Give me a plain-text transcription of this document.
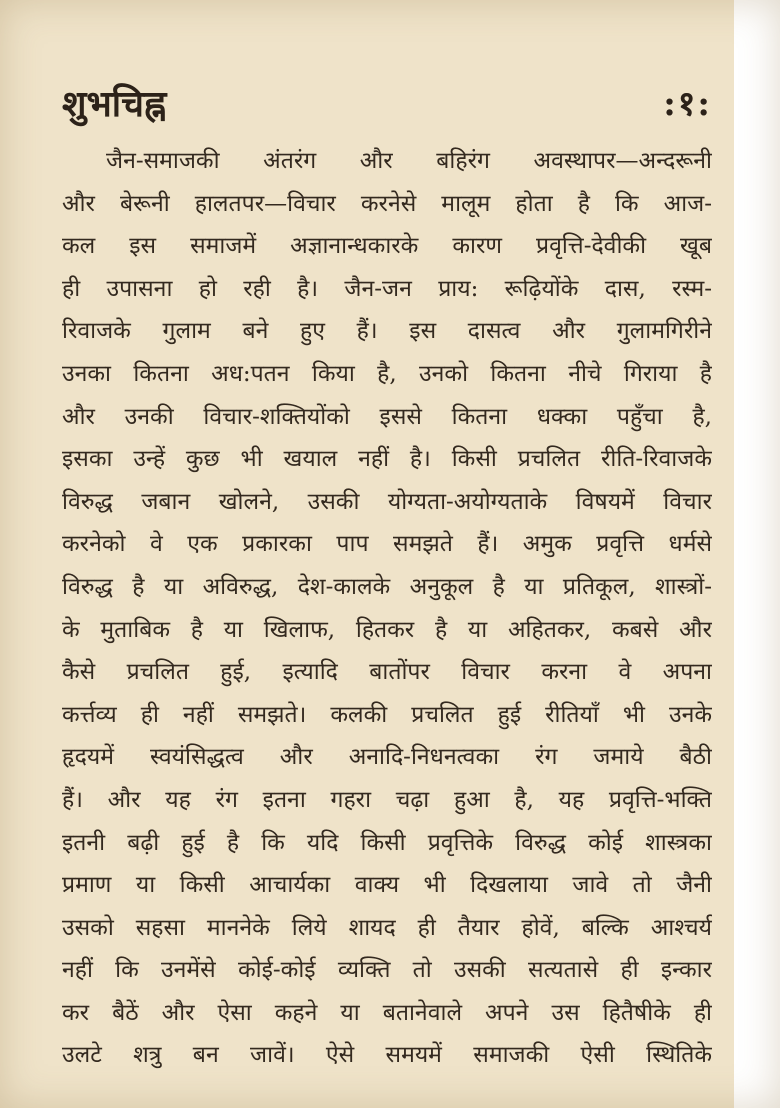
शुभचिह्न	:१:
जैन-समाजकी अंतरंग और बहिरंग अवस्थापर—अन्दरूनी
और बेरूनी हालतपर—विचार करनेसे मालूम होता है कि आज-
कल इस समाजमें अज्ञानान्धकारके कारण प्रवृत्ति-देवीकी खूब
ही उपासना हो रही है। जैन-जन प्राय: रूढ़ियोंके दास, रस्म-
रिवाजके गुलाम बने हुए हैं। इस दासत्व और गुलामगिरीने
उनका कितना अध:पतन किया है, उनको कितना नीचे गिराया है
और उनकी विचार-शक्तियोंको इससे कितना धक्का पहुँचा है,
इसका उन्हें कुछ भी खयाल नहीं है। किसी प्रचलित रीति-रिवाजके
विरुद्ध जबान खोलने, उसकी योग्यता-अयोग्यताके विषयमें विचार
करनेको वे एक प्रकारका पाप समझते हैं। अमुक प्रवृत्ति धर्मसे
विरुद्ध है या अविरुद्ध, देश-कालके अनुकूल है या प्रतिकूल, शास्त्रों-
के मुताबिक है या खिलाफ, हितकर है या अहितकर, कबसे और
कैसे प्रचलित हुई, इत्यादि बातोंपर विचार करना वे अपना
कर्त्तव्य ही नहीं समझते। कलकी प्रचलित हुई रीतियाँ भी उनके
हृदयमें स्वयंसिद्धत्व और अनादि-निधनत्वका रंग जमाये बैठी
हैं। और यह रंग इतना गहरा चढ़ा हुआ है, यह प्रवृत्ति-भक्ति
इतनी बढ़ी हुई है कि यदि किसी प्रवृत्तिके विरुद्ध कोई शास्त्रका
प्रमाण या किसी आचार्यका वाक्य भी दिखलाया जावे तो जैनी
उसको सहसा माननेके लिये शायद ही तैयार होवें, बल्कि आश्चर्य
नहीं कि उनमेंसे कोई-कोई व्यक्ति तो उसकी सत्यतासे ही इन्कार
कर बैठें और ऐसा कहने या बतानेवाले अपने उस हितैषीके ही
उलटे शत्रु बन जावें। ऐसे समयमें समाजकी ऐसी स्थितिके
